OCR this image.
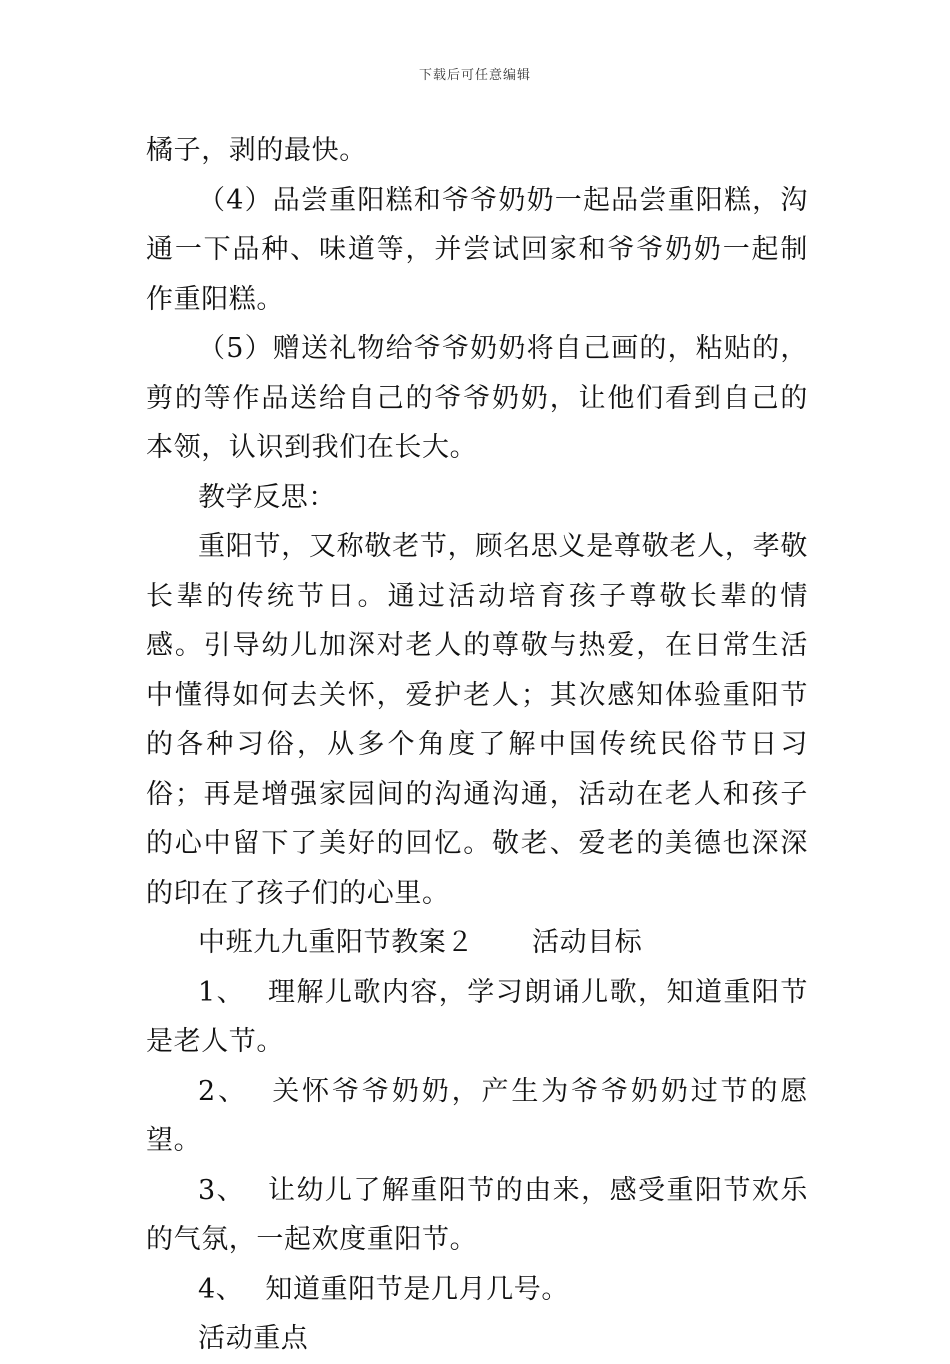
下载后可任意编辑

橘子，剥的最快。

（4）品尝重阳糕和爷爷奶奶一起品尝重阳糕，沟通一下品种、味道等，并尝试回家和爷爷奶奶一起制作重阳糕。

（5）赠送礼物给爷爷奶奶将自己画的，粘贴的，剪的等作品送给自己的爷爷奶奶，让他们看到自己的本领，认识到我们在长大。

教学反思：

重阳节，又称敬老节，顾名思义是尊敬老人，孝敬长辈的传统节日。通过活动培育孩子尊敬长辈的情感。引导幼儿加深对老人的尊敬与热爱，在日常生活中懂得如何去关怀，爱护老人；其次感知体验重阳节的各种习俗，从多个角度了解中国传统民俗节日习俗；再是增强家园间的沟通沟通，活动在老人和孩子的心中留下了美好的回忆。敬老、爱老的美德也深深的印在了孩子们的心里。

中班九九重阳节教案２ 活动目标

1、 理解儿歌内容，学习朗诵儿歌，知道重阳节是老人节。

2、 关怀爷爷奶奶，产生为爷爷奶奶过节的愿望。

3、 让幼儿了解重阳节的由来，感受重阳节欢乐的气氛，一起欢度重阳节。

4、 知道重阳节是几月几号。

活动重点
